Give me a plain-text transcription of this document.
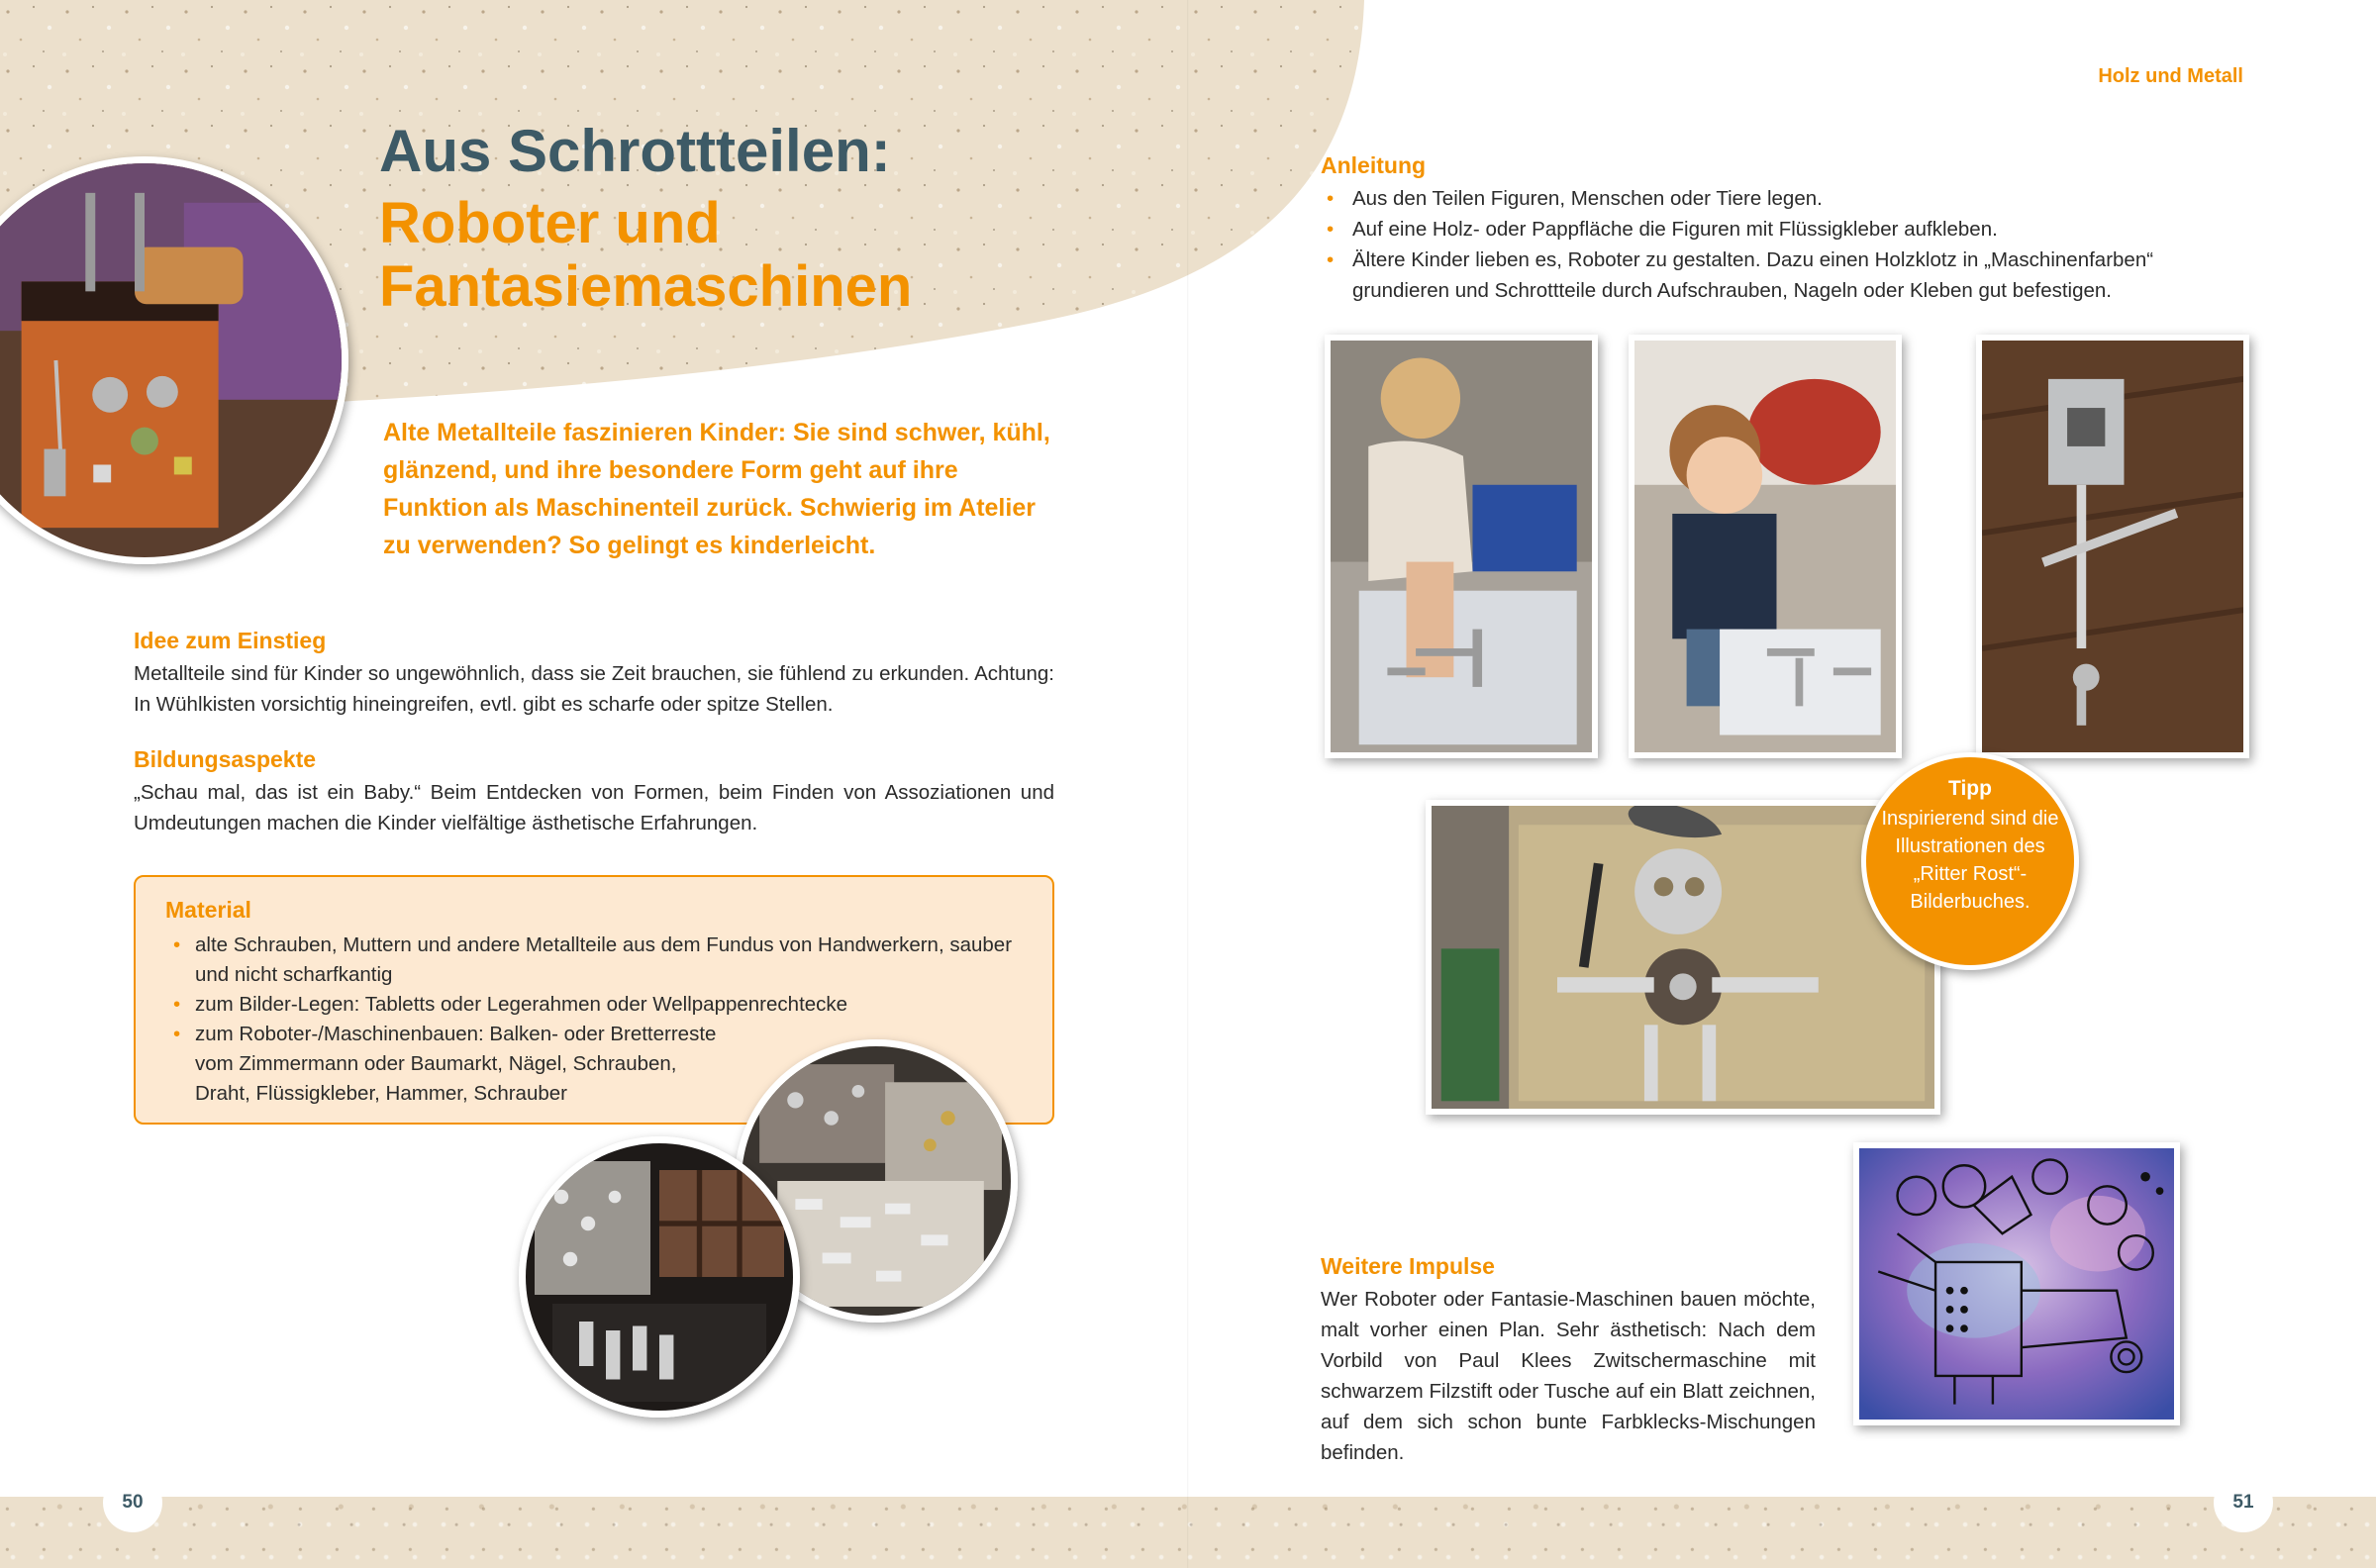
Holz und Metall
Aus Schrottteilen:
Roboter und
Fantasiemaschinen
Alte Metallteile faszinieren Kinder: Sie sind schwer, kühl, glänzend, und ihre besondere Form geht auf ihre Funktion als Maschinenteil zurück. Schwierig im Atelier zu verwenden? So gelingt es kinderleicht.
Idee zum Einstieg

Metallteile sind für Kinder so ungewöhnlich, dass sie Zeit brauchen, sie fühlend zu erkunden. Achtung: In Wühlkisten vorsichtig hineingreifen, evtl. gibt es scharfe oder spitze Stellen.

Bildungsaspekte

„Schau mal, das ist ein Baby.“ Beim Entdecken von Formen, beim Finden von Assoziationen und Umdeutungen machen die Kinder vielfältige ästhetische Erfahrungen.

Material
• alte Schrauben, Muttern und andere Metallteile aus dem Fundus von Handwerkern, sauber und nicht scharfkantig
• zum Bilder-Legen: Tabletts oder Legerahmen oder Wellpappenrechtecke
• zum Roboter-/Maschinenbauen: Balken- oder Bretterreste vom Zimmermann oder Baumarkt, Nägel, Schrauben, Draht, Flüssigkleber, Hammer, Schrauber
50
Anleitung
• Aus den Teilen Figuren, Menschen oder Tiere legen.
• Auf eine Holz- oder Pappfläche die Figuren mit Flüssigkleber aufkleben.
• Ältere Kinder lieben es, Roboter zu gestalten. Dazu einen Holzklotz in „Maschinenfarben“ grundieren und Schrottteile durch Aufschrauben, Nageln oder Kleben gut befestigen.
Tipp
Inspirierend sind die Illustrationen des „Ritter Rost“-Bilderbuches.
Weitere Impulse

Wer Roboter oder Fantasie-Maschinen bauen möchte, malt vorher einen Plan. Sehr ästhetisch: Nach dem Vorbild von Paul Klees Zwitschermaschine mit schwarzem Filzstift oder Tusche auf ein Blatt zeichnen, auf dem sich schon bunte Farbklecks-Mischungen befinden.

51
